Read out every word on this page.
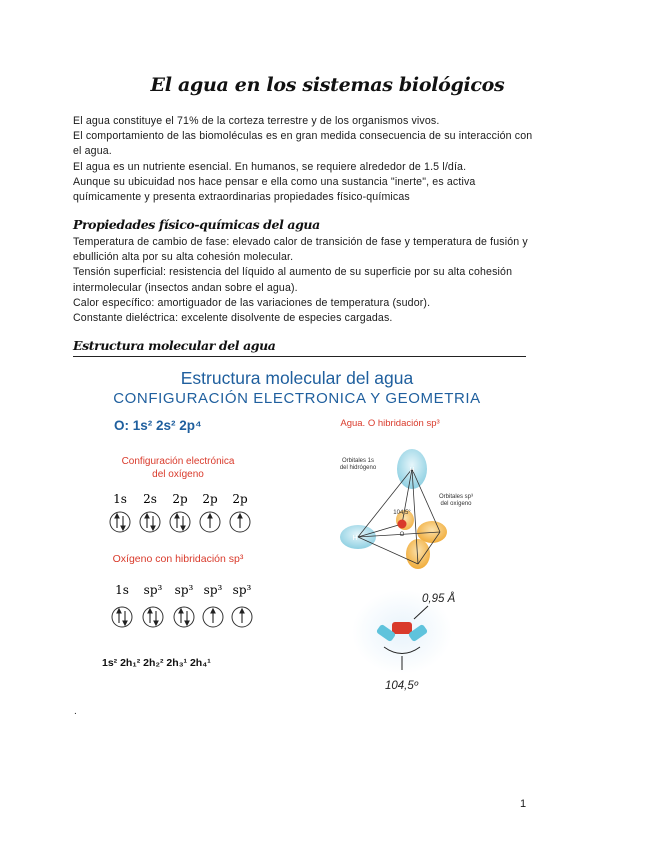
El agua en los sistemas biológicos

El agua constituye el 71% de la corteza terrestre y de los organismos vivos.

El comportamiento de las biomoléculas es en gran medida consecuencia de su interacción con el agua.

El agua es un nutriente esencial. En humanos, se requiere alrededor de 1.5 l/día.

Aunque su ubicuidad nos hace pensar e ella como una sustancia "inerte", es activa químicamente y presenta extraordinarias propiedades físico-químicas

Propiedades físico-químicas del agua

Temperatura de cambio de fase: elevado calor de transición de fase y temperatura de fusión y ebullición alta por su alta cohesión molecular.

Tensión superficial: resistencia del líquido al aumento de su superficie por su alta cohesión intermolecular (insectos andan sobre el agua).

Calor específico: amortiguador de las variaciones de temperatura (sudor).

Constante dieléctrica: excelente disolvente de especies cargadas.

Estructura molecular del agua
Estructura molecular del agua
CONFIGURACIÓN ELECTRONICA Y GEOMETRIA
O: 1s² 2s² 2p⁴
Configuración electrónica
del oxígeno
1s 2s 2p 2p 2p
Oxígeno con hibridación sp³
1s sp³ sp³ sp³ sp³
1s² 2h₁² 2h₂² 2h₃¹ 2h₄¹
Agua. O hibridación sp³
H
H	O
Orbitales 1s
del hidrógeno
Orbitales sp³
del oxígeno
104,5°
0,95 Å
104,5º
.
1
